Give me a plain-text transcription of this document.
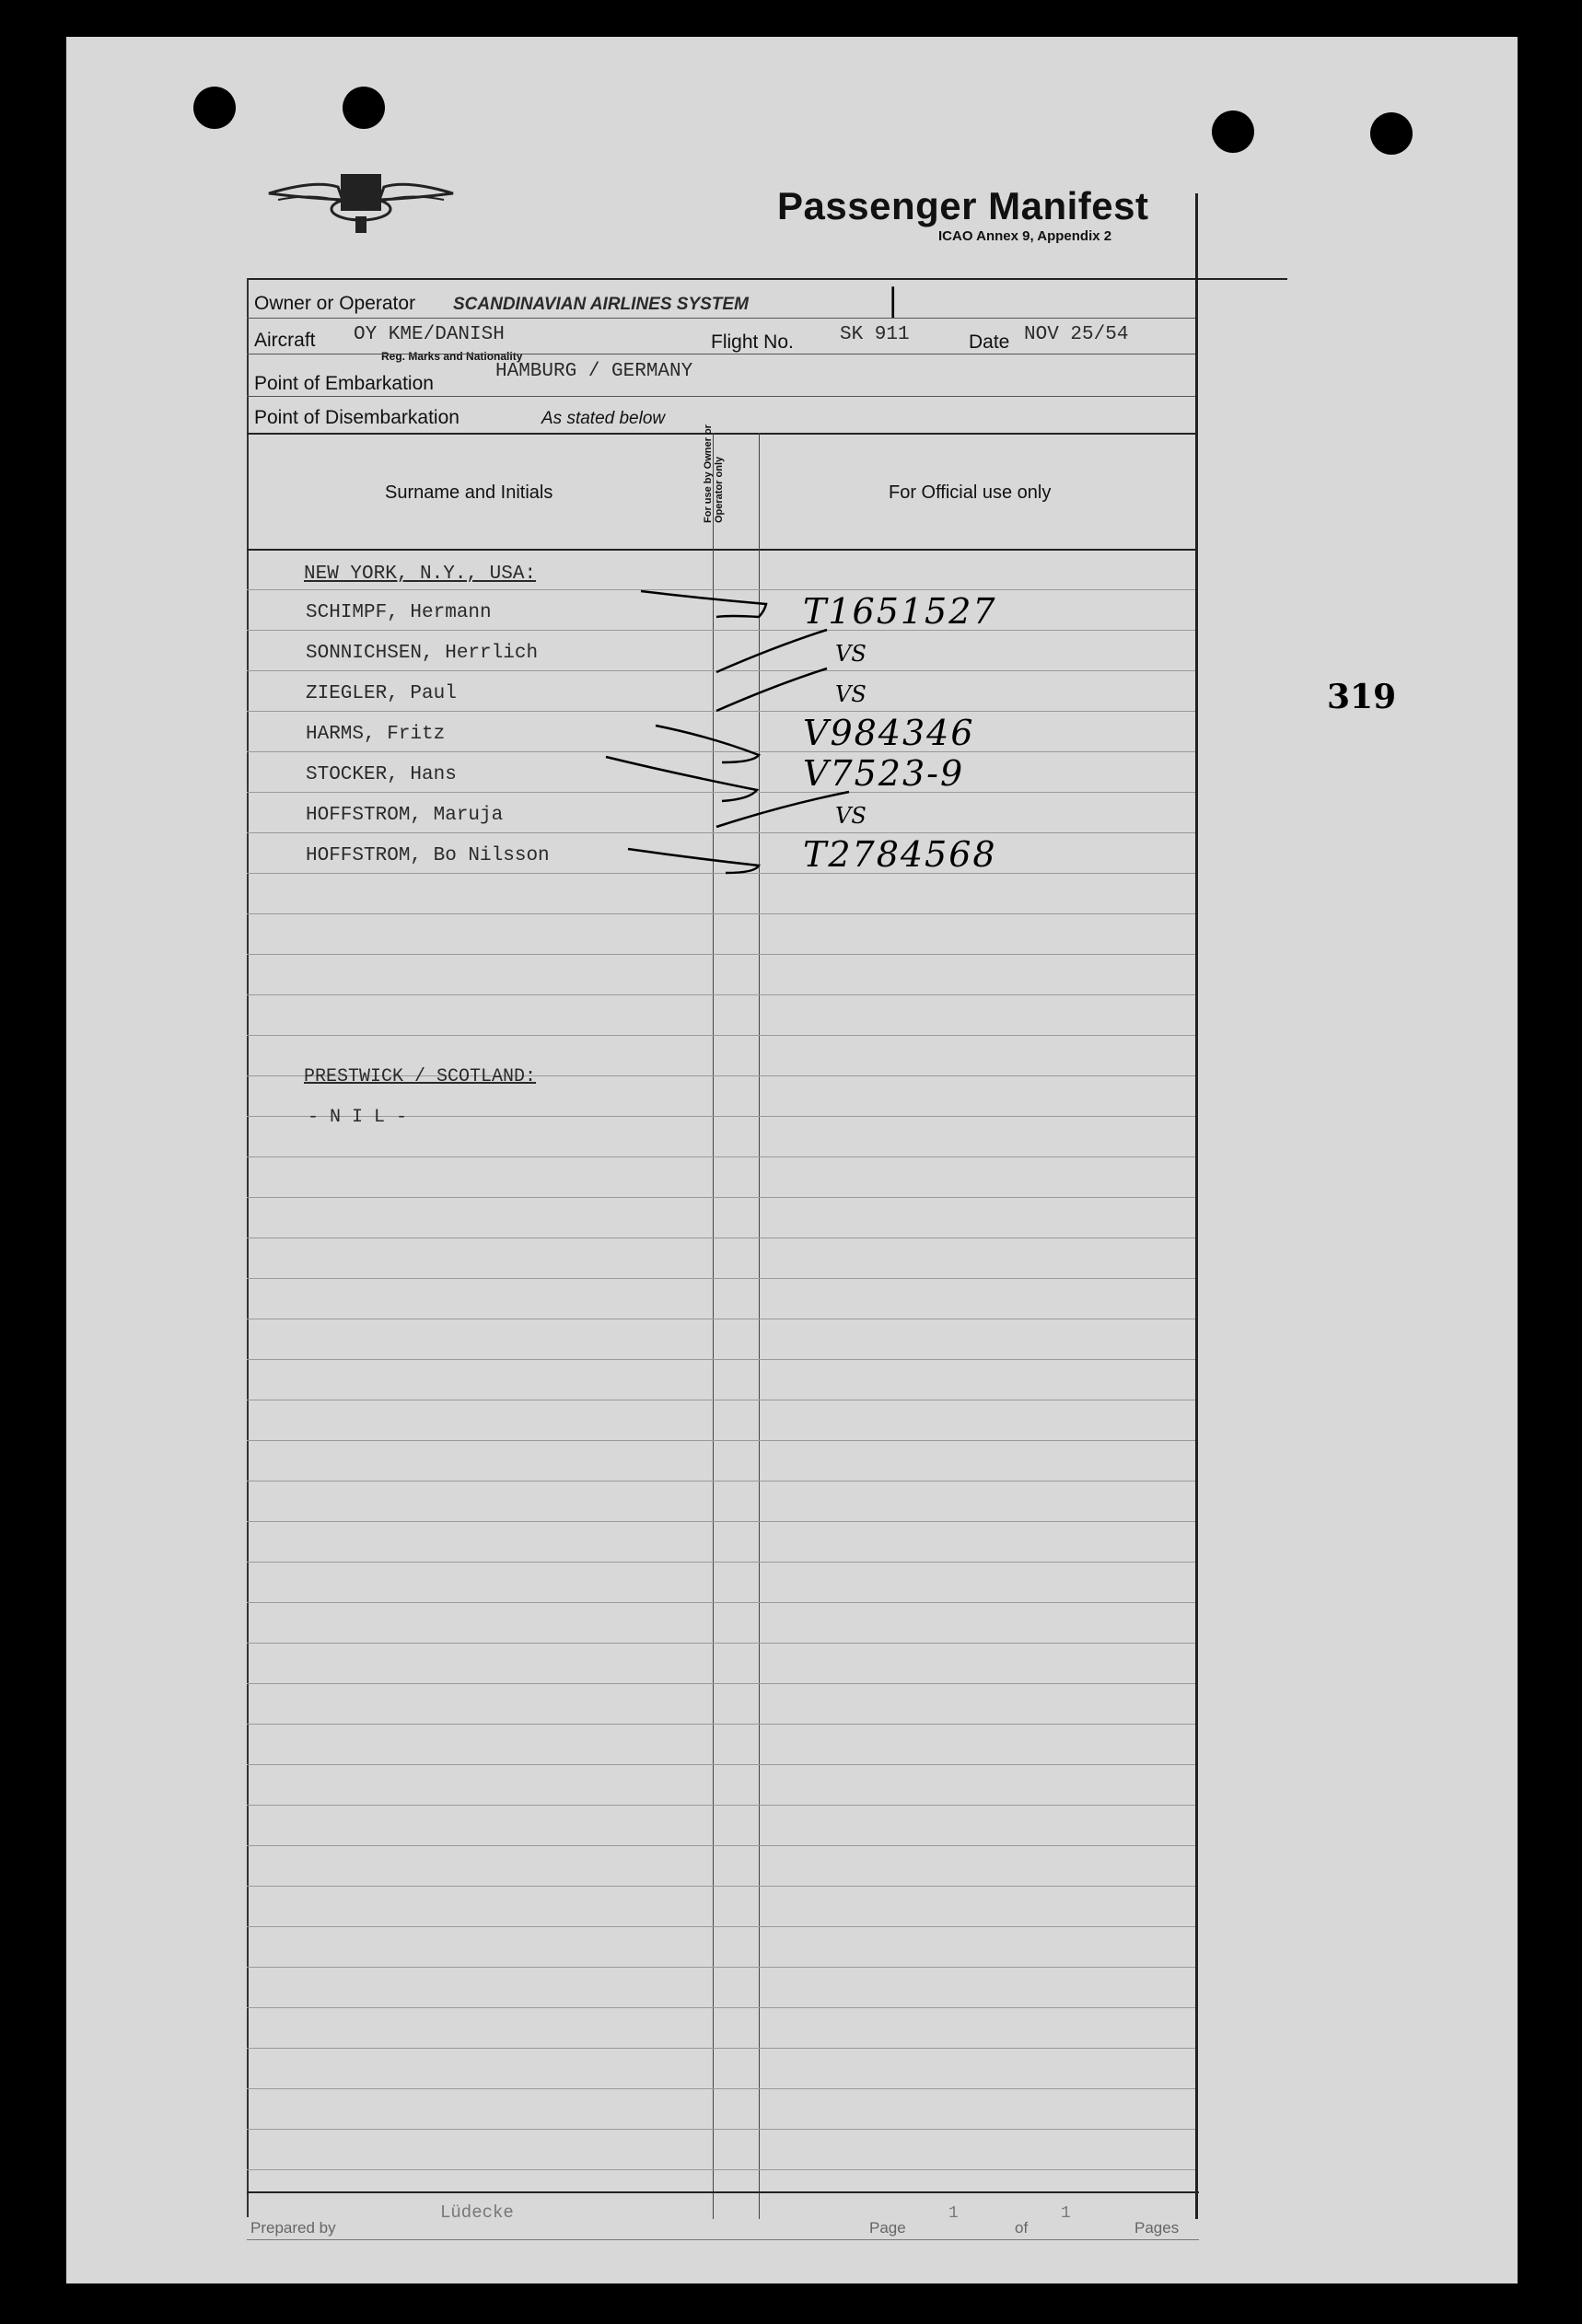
Passenger Manifest
ICAO Annex 9, Appendix 2
Owner or Operator SCANDINAVIAN AIRLINES SYSTEM	|
Aircraft OY KME/DANISH
Reg. Marks and Nationality
Flight No. SK 911	Date NOV 25/54
Point of Embarkation
HAMBURG / GERMANY
Point of Disembarkation	As stated below
Surname and Initials	For use by Owner or Operator only	For Official use only
NEW YORK, N.Y., USA:
SCHIMPF, Hermann	T1651527
SONNICHSEN, Herrlich	VS
ZIEGLER, Paul	VS
HARMS, Fritz	V984346
STOCKER, Hans	V7523-9
HOFFSTROM, Maruja	VS
HOFFSTROM, Bo Nilsson	T2784568
PRESTWICK / SCOTLAND:
- N I L -
319
Prepared by
Lüdecke
Page
1
of
1
Pages
